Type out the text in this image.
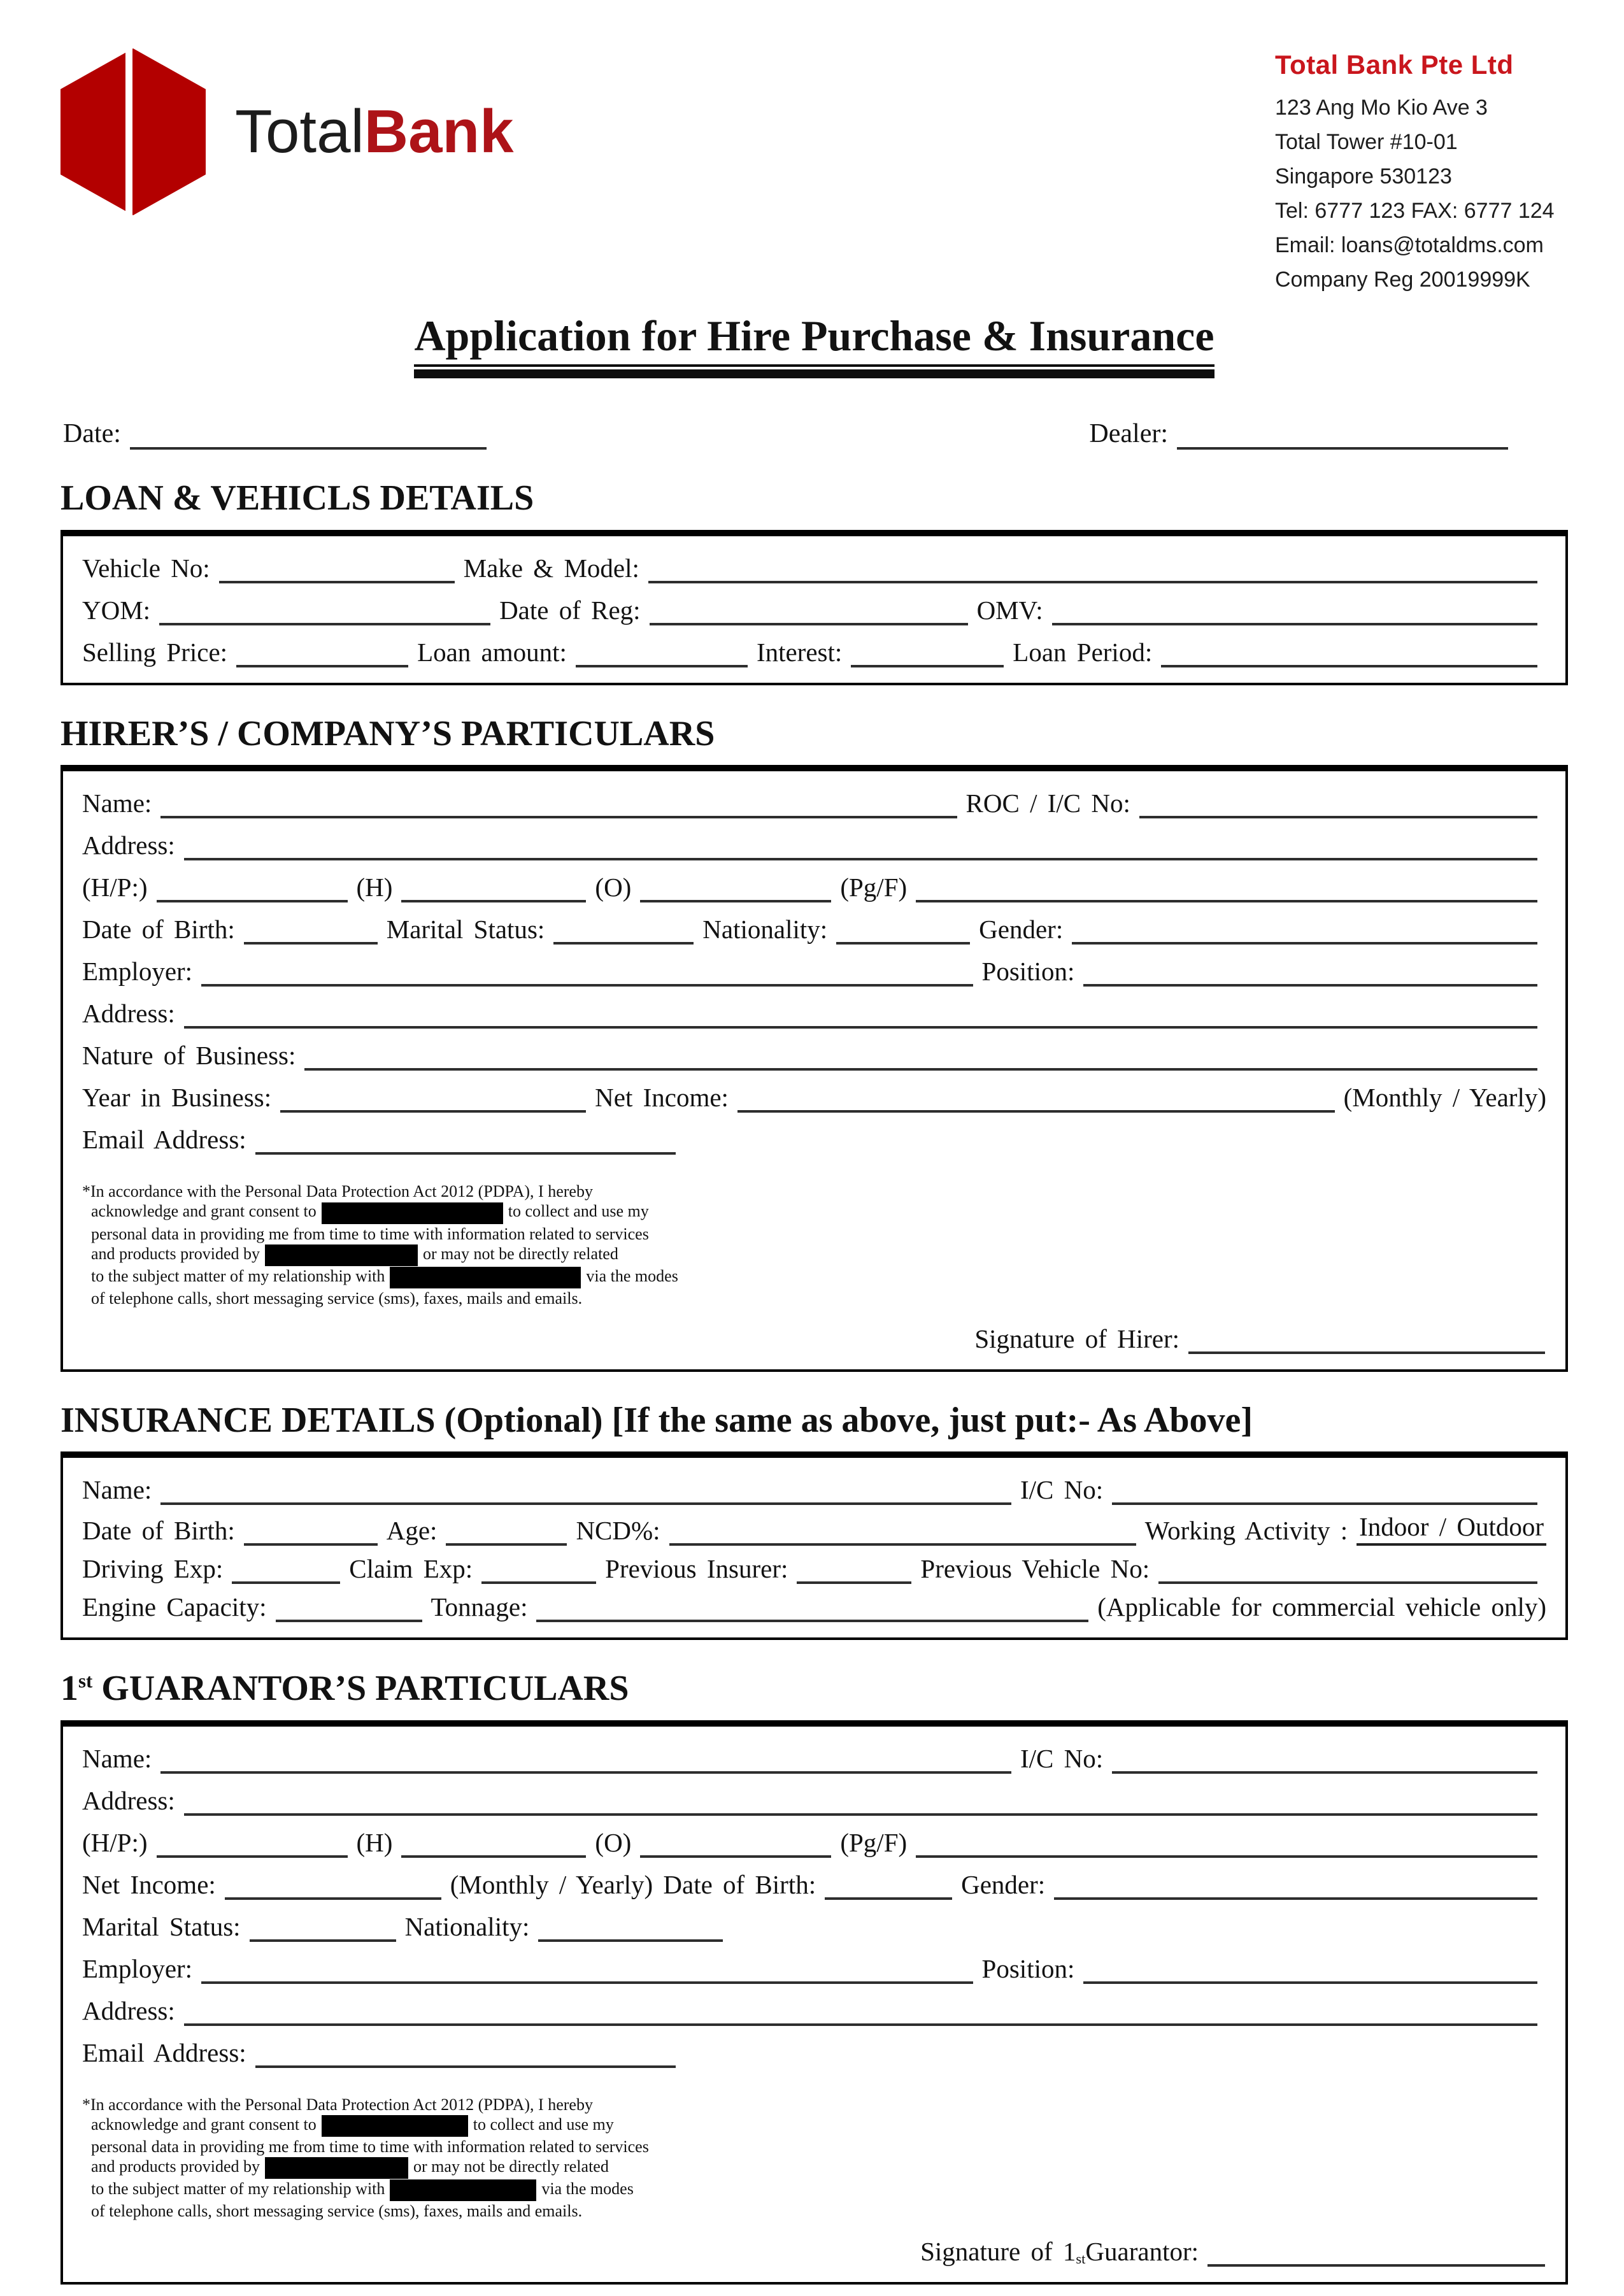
TotalBank
Total Bank Pte Ltd
123 Ang Mo Kio Ave 3
Total Tower #10-01
Singapore 530123
Tel: 6777 123 FAX: 6777 124
Email: loans@totaldms.com
Company Reg 20019999K
Application for Hire Purchase & Insurance
Date:	Dealer:
LOAN & VEHICLS DETAILS
Vehicle No:	Make & Model:
YOM:	Date of Reg:	OMV:
Selling Price:	Loan amount:	Interest:	Loan Period:
HIRER’S / COMPANY’S PARTICULARS
Name:	ROC / I/C No:
Address:
(H/P:)	(H)	(O)	(Pg/F)
Date of Birth:	Marital Status:	Nationality:	Gender:
Employer:	Position:
Address:
Nature of Business:
Year in Business:	Net Income:	(Monthly / Yearly)
Email Address:
*In accordance with the Personal Data Protection Act 2012 (PDPA), I hereby
acknowledge and grant consent to	to collect and use my
personal data in providing me from time to time with information related to services
and products provided by	or may not be directly related
to the subject matter of my relationship with	via the modes
of telephone calls, short messaging service (sms), faxes, mails and emails.
Signature of Hirer:
INSURANCE DETAILS (Optional) [If the same as above, just put:- As Above]
Name:	I/C No:
Date of Birth:	Age:	NCD%:	Working Activity : Indoor / Outdoor
Driving Exp:	Claim Exp:	Previous Insurer:	Previous Vehicle No:
Engine Capacity:	Tonnage:	(Applicable for commercial vehicle only)
1st GUARANTOR’S PARTICULARS
Name:	I/C No:
Address:
(H/P:)	(H)	(O)	(Pg/F)
Net Income:	(Monthly / Yearly) Date of Birth:	Gender:
Marital Status:	Nationality:
Employer:	Position:
Address:
Email Address:
*In accordance with the Personal Data Protection Act 2012 (PDPA), I hereby
acknowledge and grant consent to	to collect and use my
personal data in providing me from time to time with information related to services
and products provided by	or may not be directly related
to the subject matter of my relationship with	via the modes
of telephone calls, short messaging service (sms), faxes, mails and emails.
Signature of $1_{st}$ Guarantor:
